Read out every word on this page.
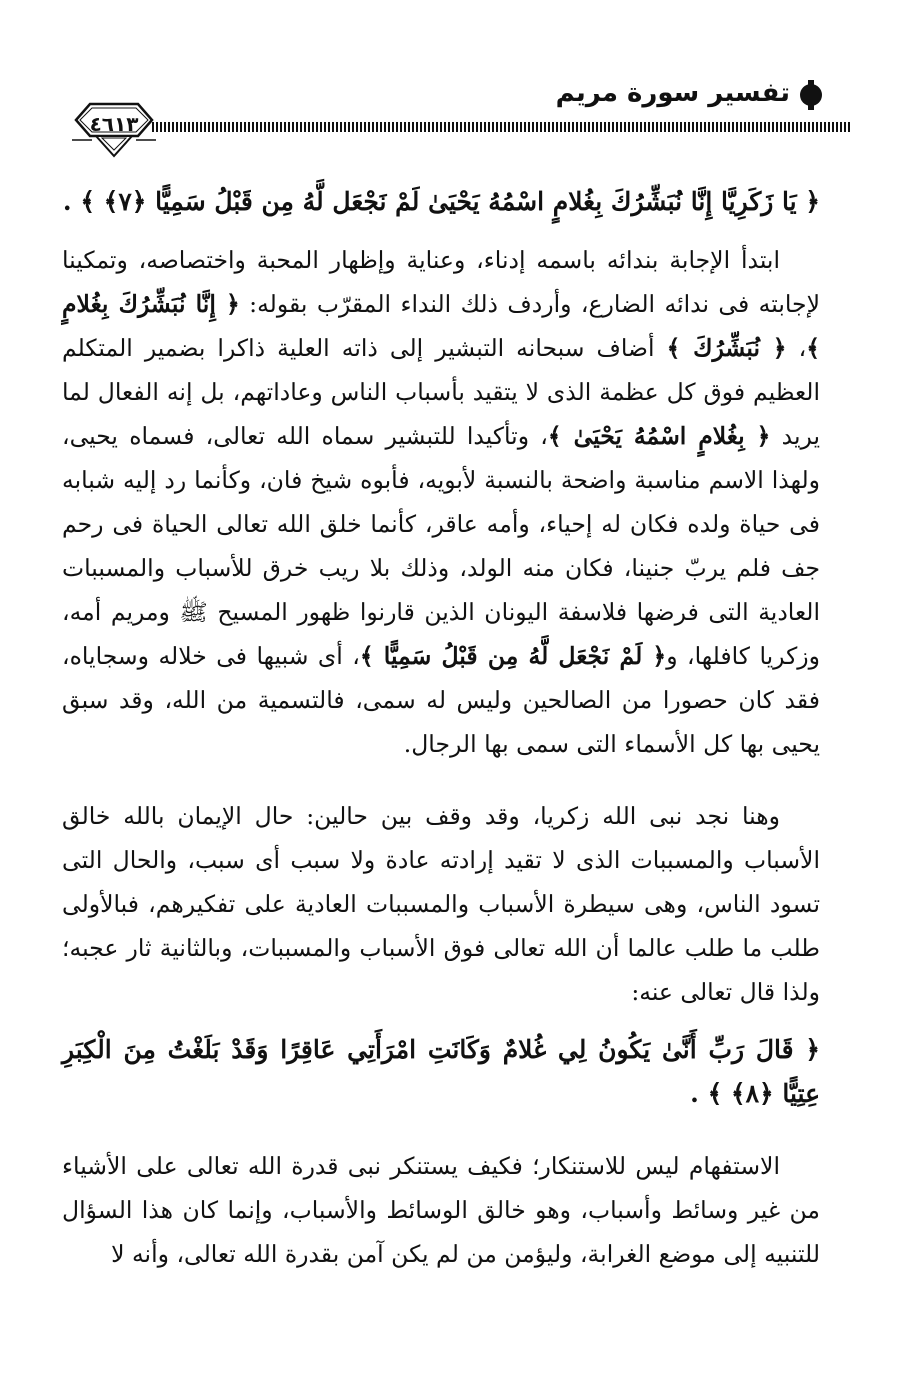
تفسير سورة مريم
٤٦١٣

﴿ يَا زَكَرِيَّا إِنَّا نُبَشِّرُكَ بِغُلامٍ اسْمُهُ يَحْيَىٰ لَمْ نَجْعَل لَّهُ مِن قَبْلُ سَمِيًّا ﴿٧﴾ ﴾ .

ابتدأ الإجابة بندائه باسمه إدناء، وعناية وإظهار المحبة واختصاصه، وتمكينا لإجابته فى ندائه الضارع، وأردف ذلك النداء المقرّب بقوله: ﴿ إِنَّا نُبَشِّرُكَ بِغُلامٍ ﴾، ﴿ نُبَشِّرُكَ ﴾ أضاف سبحانه التبشير إلى ذاته العلية ذاكرا بضمير المتكلم العظيم فوق كل عظمة الذى لا يتقيد بأسباب الناس وعاداتهم، بل إنه الفعال لما يريد ﴿ بِغُلامٍ اسْمُهُ يَحْيَىٰ ﴾، وتأكيدا للتبشير سماه الله تعالى، فسماه يحيى، ولهذا الاسم مناسبة واضحة بالنسبة لأبويه، فأبوه شيخ فان، وكأنما رد إليه شبابه فى حياة ولده فكان له إحياء، وأمه عاقر، كأنما خلق الله تعالى الحياة فى رحم جف فلم يربّ جنينا، فكان منه الولد، وذلك بلا ريب خرق للأسباب والمسببات العادية التى فرضها فلاسفة اليونان الذين قارنوا ظهور المسيح ﷺ ومريم أمه، وزكريا كافلها، و﴿ لَمْ نَجْعَل لَّهُ مِن قَبْلُ سَمِيًّا ﴾، أى شبيها فى خلاله وسجاياه، فقد كان حصورا من الصالحين وليس له سمى، فالتسمية من الله، وقد سبق يحيى بها كل الأسماء التى سمى بها الرجال.

وهنا نجد نبى الله زكريا، وقد وقف بين حالين: حال الإيمان بالله خالق الأسباب والمسببات الذى لا تقيد إرادته عادة ولا سبب أى سبب، والحال التى تسود الناس، وهى سيطرة الأسباب والمسببات العادية على تفكيرهم، فبالأولى طلب ما طلب عالما أن الله تعالى فوق الأسباب والمسببات، وبالثانية ثار عجبه؛ ولذا قال تعالى عنه:

﴿ قَالَ رَبِّ أَنَّىٰ يَكُونُ لِي غُلامٌ وَكَانَتِ امْرَأَتِي عَاقِرًا وَقَدْ بَلَغْتُ مِنَ الْكِبَرِ عِتِيًّا ﴿٨﴾ ﴾ .

الاستفهام ليس للاستنكار؛ فكيف يستنكر نبى قدرة الله تعالى على الأشياء من غير وسائط وأسباب، وهو خالق الوسائط والأسباب، وإنما كان هذا السؤال للتنبيه إلى موضع الغرابة، وليؤمن من لم يكن آمن بقدرة الله تعالى، وأنه لا
